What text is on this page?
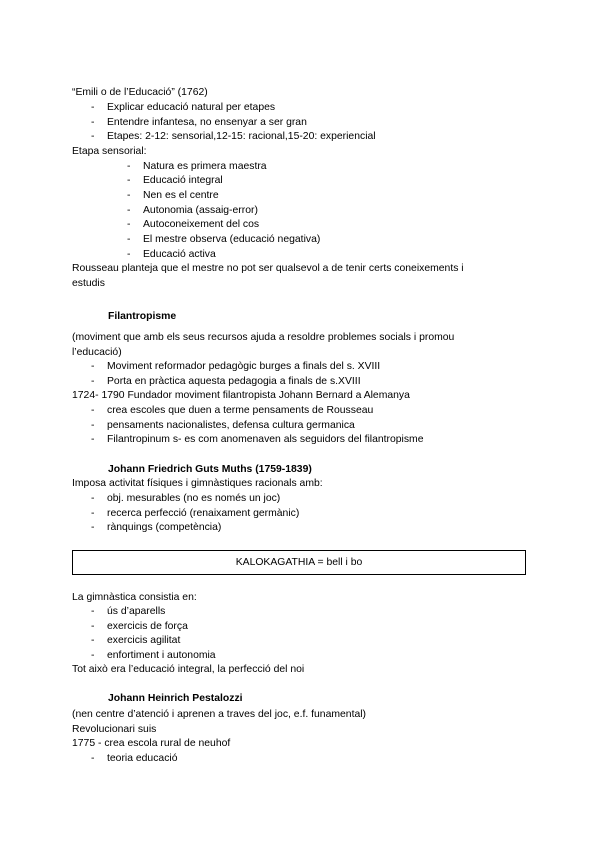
“Emili o de l’Educació” (1762)
- Explicar educació natural per etapes
- Entendre infantesa, no ensenyar a ser gran
- Etapes: 2-12: sensorial,12-15: racional,15-20: experiencial
Etapa sensorial:
- Natura es primera maestra
- Educació integral
- Nen es el centre
- Autonomia (assaig-error)
- Autoconeixement del cos
- El mestre observa (educació negativa)
- Educació activa
Rousseau planteja que el mestre no pot ser qualsevol a de tenir certs coneixements i
estudis
Filantropisme
(moviment que amb els seus recursos ajuda a resoldre problemes socials i promou
l’educació)
- Moviment reformador pedagògic burges a finals del s. XVIII
- Porta en pràctica aquesta pedagogia a finals de s.XVIII
1724- 1790 Fundador moviment filantropista Johann Bernard a Alemanya
- crea escoles que duen a terme pensaments de Rousseau
- pensaments nacionalistes, defensa cultura germanica
- Filantropinum s- es com anomenaven als seguidors del filantropisme
Johann Friedrich Guts Muths (1759-1839)
Imposa activitat físiques i gimnàstiques racionals amb:
- obj. mesurables (no es només un joc)
- recerca perfecció (renaixament germànic)
- rànquings (competència)
KALOKAGATHIA = bell i bo
La gimnàstica consistia en:
- ús d’aparells
- exercicis de força
- exercicis agilitat
- enfortiment i autonomia
Tot això era l’educació integral, la perfecció del noi
Johann Heinrich Pestalozzi
(nen centre d’atenció i aprenen a traves del joc, e.f. funamental)
Revolucionari suis
1775 - crea escola rural de neuhof
- teoria educació
